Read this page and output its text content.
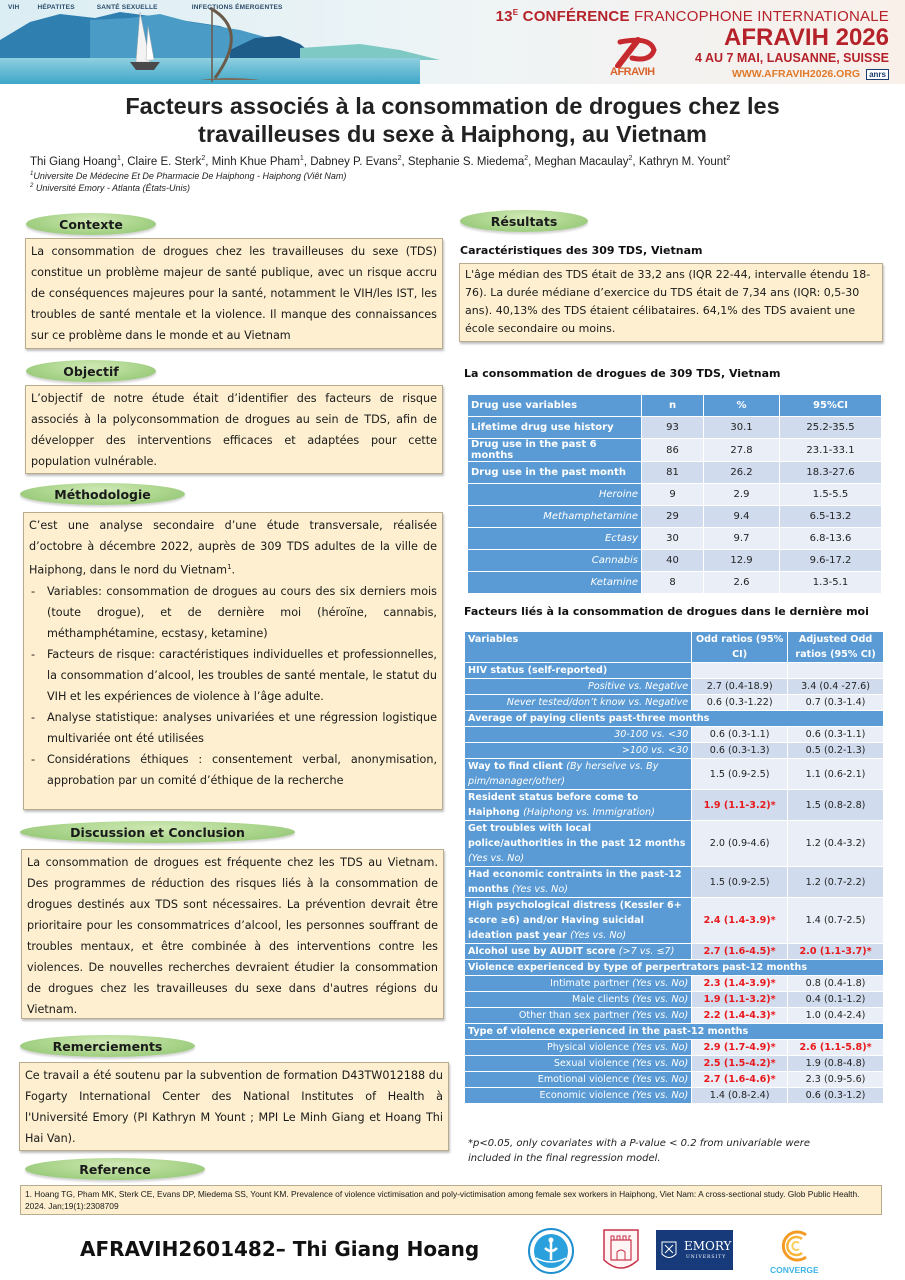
VIH	HÉPATITES	SANTÉ SEXUELLE	INFECTIONS ÉMERGENTES
AFRAVIH
$13^E$ CONFÉRENCE FRANCOPHONE INTERNATIONALE
AFRAVIH 2026
4 AU 7 MAI, LAUSANNE, SUISSE
WWW.AFRAVIH2026.ORG anrs
Facteurs associés à la consommation de drogues chez les
travailleuses du sexe à Haiphong, au Vietnam
Thi Giang Hoang$^1$, Claire E. Sterk$^2$, Minh Khue Pham$^1$, Dabney P. Evans$^2$, Stephanie S. Miedema$^2$, Meghan Macaulay$^2$, Kathryn M. Yount$^2$
$^1$Universite De Médecine Et De Pharmacie De Haiphong - Haiphong (Viêt Nam)
$^2$ Université Emory - Atlanta (États-Unis)
Contexte
La consommation de drogues chez les travailleuses du sexe (TDS) constitue un problème majeur de santé publique, avec un risque accru de conséquences majeures pour la santé, notamment le VIH/les IST, les troubles de santé mentale et la violence. Il manque des connaissances sur ce problème dans le monde et au Vietnam
Objectif
L’objectif de notre étude était d’identifier des facteurs de risque associés à la polyconsommation de drogues au sein de TDS, afin de développer des interventions efficaces et adaptées pour cette population vulnérable.
Méthodologie
C’est une analyse secondaire d’une étude transversale, réalisée d’octobre à décembre 2022, auprès de 309 TDS adultes de la ville de Haiphong, dans le nord du Vietnam$^1$.
- Variables: consommation de drogues au cours des six derniers mois (toute drogue), et de dernière moi (héroïne, cannabis, méthamphétamine, ecstasy, ketamine)
- Facteurs de risque: caractéristiques individuelles et professionnelles, la consommation d’alcool, les troubles de santé mentale, le statut du VIH et les expériences de violence à l’âge adulte.
- Analyse statistique: analyses univariées et une régression logistique multivariée ont été utilisées
- Considérations éthiques : consentement verbal, anonymisation, approbation par un comité d’éthique de la recherche
Discussion et Conclusion
La consommation de drogues est fréquente chez les TDS au Vietnam. Des programmes de réduction des risques liés à la consommation de drogues destinés aux TDS sont nécessaires. La prévention devrait être prioritaire pour les consommatrices d’alcool, les personnes souffrant de troubles mentaux, et être combinée à des interventions contre les violences. De nouvelles recherches devraient étudier la consommation de drogues chez les travailleuses du sexe dans d'autres régions du Vietnam.
Remerciements
Ce travail a été soutenu par la subvention de formation D43TW012188 du Fogarty International Center des National Institutes of Health à l'Université Emory (PI Kathryn M Yount ; MPI Le Minh Giang et Hoang Thi Hai Van).
Reference
1. Hoang TG, Pham MK, Sterk CE, Evans DP, Miedema SS, Yount KM. Prevalence of violence victimisation and poly-victimisation among female sex workers in Haiphong, Viet Nam: A cross-sectional study. Glob Public Health. 2024. Jan;19(1):2308709
Résultats
Caractéristiques des 309 TDS, Vietnam
L'âge médian des TDS était de 33,2 ans (IQR 22-44, intervalle étendu 18-76). La durée médiane d’exercice du TDS était de 7,34 ans (IQR: 0,5-30 ans). 40,13% des TDS étaient célibataires. 64,1% des TDS avaient une école secondaire ou moins.
La consommation de drogues de 309 TDS, Vietnam
Drug use variables	n	%	95%CI
Lifetime drug use history	93	30.1	25.2-35.5
Drug use in the past 6 months	86	27.8	23.1-33.1
Drug use in the past month	81	26.2	18.3-27.6
Heroine	9	2.9	1.5-5.5
Methamphetamine	29	9.4	6.5-13.2
Ectasy	30	9.7	6.8-13.6
Cannabis	40	12.9	9.6-17.2
Ketamine	8	2.6	1.3-5.1
Facteurs liés à la consommation de drogues dans le dernière moi
Variables	Odd ratios (95% CI)	Adjusted Odd ratios (95% CI)
HIV status (self-reported)		
Positive vs. Negative	2.7 (0.4-18.9)	3.4 (0.4 -27.6)
Never tested/don’t know vs. Negative	0.6 (0.3-1.22)	0.7 (0.3-1.4)
Average of paying clients past-three months		
30-100 vs. <30	0.6 (0.3-1.1)	0.6 (0.3-1.1)
>100 vs. <30	0.6 (0.3-1.3)	0.5 (0.2-1.3)
Way to find client (By herselve vs. By pim/manager/other)	1.5 (0.9-2.5)	1.1 (0.6-2.1)
Resident status before come to Haiphong (Haiphong vs. Immigration)	1.9 (1.1-3.2)*	1.5 (0.8-2.8)
Get troubles with local police/authorities in the past 12 months (Yes vs. No)	2.0 (0.9-4.6)	1.2 (0.4-3.2)
Had economic contraints in the past-12 months (Yes vs. No)	1.5 (0.9-2.5)	1.2 (0.7-2.2)
High psychological distress (Kessler 6+ score ≥6) and/or Having suicidal ideation past year (Yes vs. No)	2.4 (1.4-3.9)*	1.4 (0.7-2.5)
Alcohol use by AUDIT score (>7 vs. ≤7)	2.7 (1.6-4.5)*	2.0 (1.1-3.7)*
Violence experienced by type of perpertrators past-12 months		
Intimate partner (Yes vs. No)	2.3 (1.4-3.9)*	0.8 (0.4-1.8)
Male clients (Yes vs. No)	1.9 (1.1-3.2)*	0.4 (0.1-1.2)
Other than sex partner (Yes vs. No)	2.2 (1.4-4.3)*	1.0 (0.4-2.4)
Type of violence experienced in the past-12 months		
Physical violence (Yes vs. No)	2.9 (1.7-4.9)*	2.6 (1.1-5.8)*
Sexual violence (Yes vs. No)	2.5 (1.5-4.2)*	1.9 (0.8-4.8)
Emotional violence (Yes vs. No)	2.7 (1.6-4.6)*	2.3 (0.9-5.6)
Economic violence (Yes vs. No)	1.4 (0.8-2.4)	0.6 (0.3-1.2)
*p<0.05, only covariates with a P-value < 0.2 from univariable were
included in the final regression model.
AFRAVIH2601482– Thi Giang Hoang	EMORY
UNIVERSITY
CONVERGE
